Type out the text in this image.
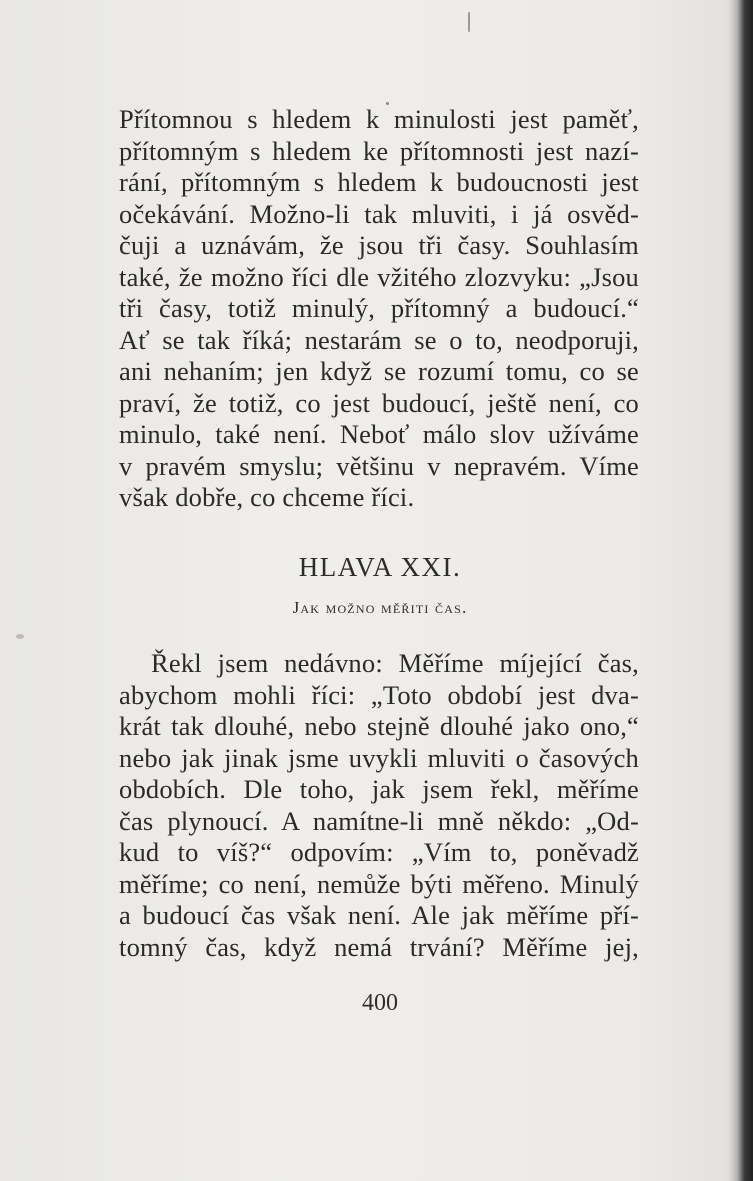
Přítomnou s hledem k minulosti jest paměť,
přítomným s hledem ke přítomnosti jest nazí-
rání, přítomným s hledem k budoucnosti jest
očekávání. Možno-li tak mluviti, i já osvěd-
čuji a uznávám, že jsou tři časy. Souhlasím
také, že možno říci dle vžitého zlozvyku: „Jsou
tři časy, totiž minulý, přítomný a budoucí.“
Ať se tak říká; nestarám se o to, neodporuji,
ani nehaním; jen když se rozumí tomu, co se
praví, že totiž, co jest budoucí, ještě není, co
minulo, také není. Neboť málo slov užíváme
v pravém smyslu; většinu v nepravém. Víme
však dobře, co chceme říci.
HLAVA XXI.
Jak možno měřiti čas.
Řekl jsem nedávno: Měříme míjející čas,
abychom mohli říci: „Toto období jest dva-
krát tak dlouhé, nebo stejně dlouhé jako ono,“
nebo jak jinak jsme uvykli mluviti o časových
obdobích. Dle toho, jak jsem řekl, měříme
čas plynoucí. A namítne-li mně někdo: „Od-
kud to víš?“ odpovím: „Vím to, poněvadž
měříme; co není, nemůže býti měřeno. Minulý
a budoucí čas však není. Ale jak měříme pří-
tomný čas, když nemá trvání? Měříme jej,
400
